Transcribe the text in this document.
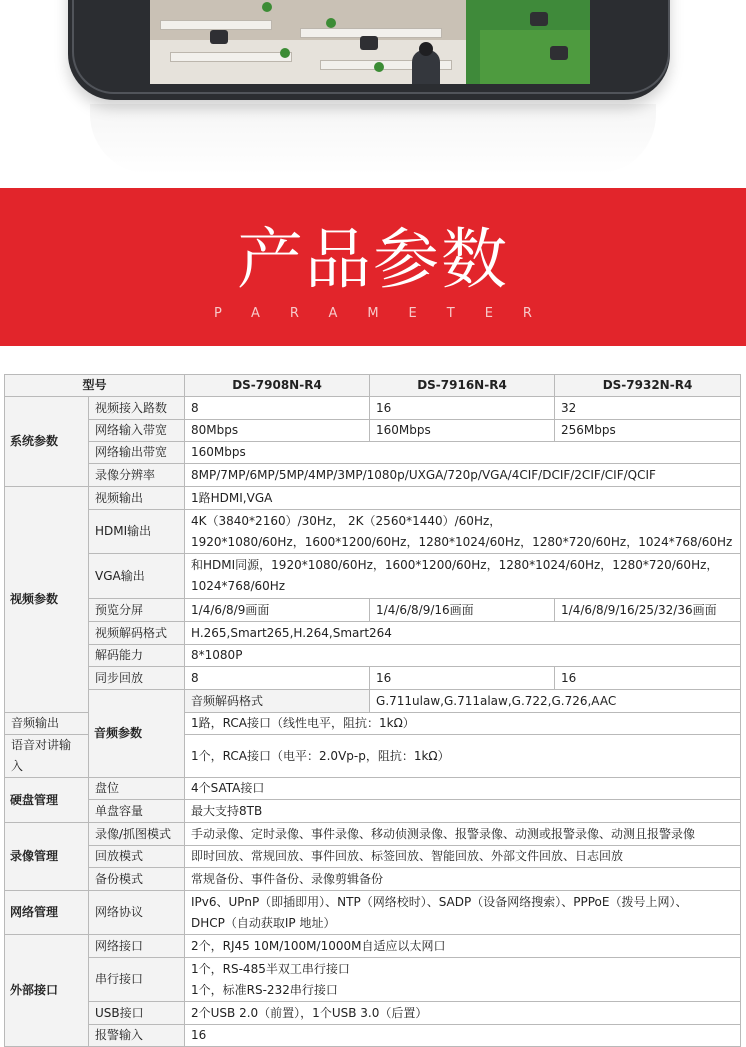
产品参数
PARAMETER
型号		DS-7908N-R4	DS-7916N-R4	DS-7932N-R4
系统参数	视频接入路数	8	16	32
	网络输入带宽	80Mbps	160Mbps	256Mbps
	网络输出带宽	160Mbps		
	录像分辨率	8MP/7MP/6MP/5MP/4MP/3MP/1080p/UXGA/720p/VGA/4CIF/DCIF/2CIF/CIF/QCIF		
视频参数	视频输出	1路HDMI,VGA		
	HDMI输出	4K（3840*2160）/30Hz， 2K（2560*1440）/60Hz，
1920*1080/60Hz，1600*1200/60Hz，1280*1024/60Hz，1280*720/60Hz，1024*768/60Hz		

	VGA输出	和HDMI同源，1920*1080/60Hz，1600*1200/60Hz，1280*1024/60Hz，1280*720/60Hz，
1024*768/60Hz		

	预览分屏	1/4/6/8/9画面	1/4/6/8/9/16画面	1/4/6/8/9/16/25/32/36画面
	视频解码格式	H.265,Smart265,H.264,Smart264		
	解码能力	8*1080P		
	同步回放	8	16	16
	音频参数	音频解码格式	G.711ulaw,G.711alaw,G.722,G.726,AAC	
音频输出		1路，RCA接口（线性电平，阻抗：1kΩ）		
语音对讲输入		1个，RCA接口（电平：2.0Vp-p，阻抗：1kΩ）		
硬盘管理	盘位	4个SATA接口		
	单盘容量	最大支持8TB		
录像管理	录像/抓图模式	手动录像、定时录像、事件录像、移动侦测录像、报警录像、动测或报警录像、动测且报警录像		
	回放模式	即时回放、常规回放、事件回放、标签回放、智能回放、外部文件回放、日志回放		
	备份模式	常规备份、事件备份、录像剪辑备份		
网络管理	网络协议	IPv6、UPnP（即插即用）、NTP（网络校时）、SADP（设备网络搜索）、PPPoE（拨号上网）、
DHCP（自动获取IP 地址）		

外部接口	网络接口	2个，RJ45 10M/100M/1000M自适应以太网口		
	串行接口	1个，RS-485半双工串行接口
1个，标准RS-232串行接口		

	USB接口	2个USB 2.0（前置），1个USB 3.0（后置）		
	报警输入	16		
